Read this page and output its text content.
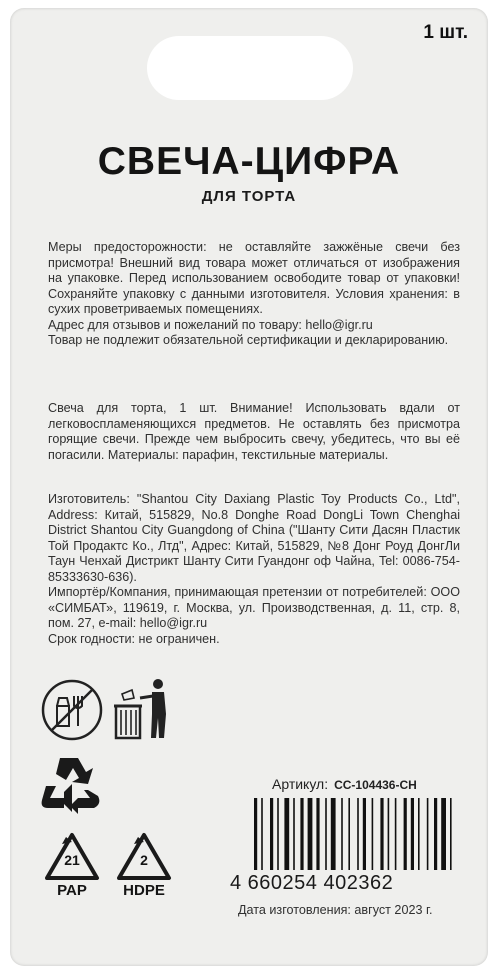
1 шт.
СВЕЧА-ЦИФРА
ДЛЯ ТОРТА
Меры предосторожности: не оставляйте зажжёные свечи без присмотра! Внешний вид товара может отличаться от изображения на упаковке. Перед использованием освободите товар от упаковки! Сохраняйте упаковку с данными изготовителя. Условия хранения: в сухих проветриваемых помещениях.
Адрес для отзывов и пожеланий по товару: hello@igr.ru
Товар не подлежит обязательной сертификации и декларированию.
Свеча для торта, 1 шт. Внимание! Использовать вдали от легковоспламеняющихся предметов. Не оставлять без присмотра горящие свечи. Прежде чем выбросить свечу, убедитесь, что вы её погасили. Материалы: парафин, текстильные материалы.
Изготовитель: "Shantou City Daxiang Plastic Toy Products Co., Ltd", Address: Китай, 515829, No.8 Donghe Road DongLi Town Chenghai District Shantou City Guangdong of China ("Шанту Сити Дасян Пластик Той Продактс Ко., Лтд", Адрес: Китай, 515829, №8 Донг Роуд ДонгЛи Таун Ченхай Дистрикт Шанту Сити Гуандонг оф Чайна, Tel: 0086-754-85333630-636).
Импортёр/Компания, принимающая претензии от потребителей: ООО «СИМБАТ», 119619, г. Москва, ул. Производственная, д. 11, стр. 8, пом. 27, e-mail: hello@igr.ru
Срок годности: не ограничен.
21
PAP
2
HDPE
Артикул: CC-104436-CH
4 660254 402362
Дата изготовления: август 2023 г.
